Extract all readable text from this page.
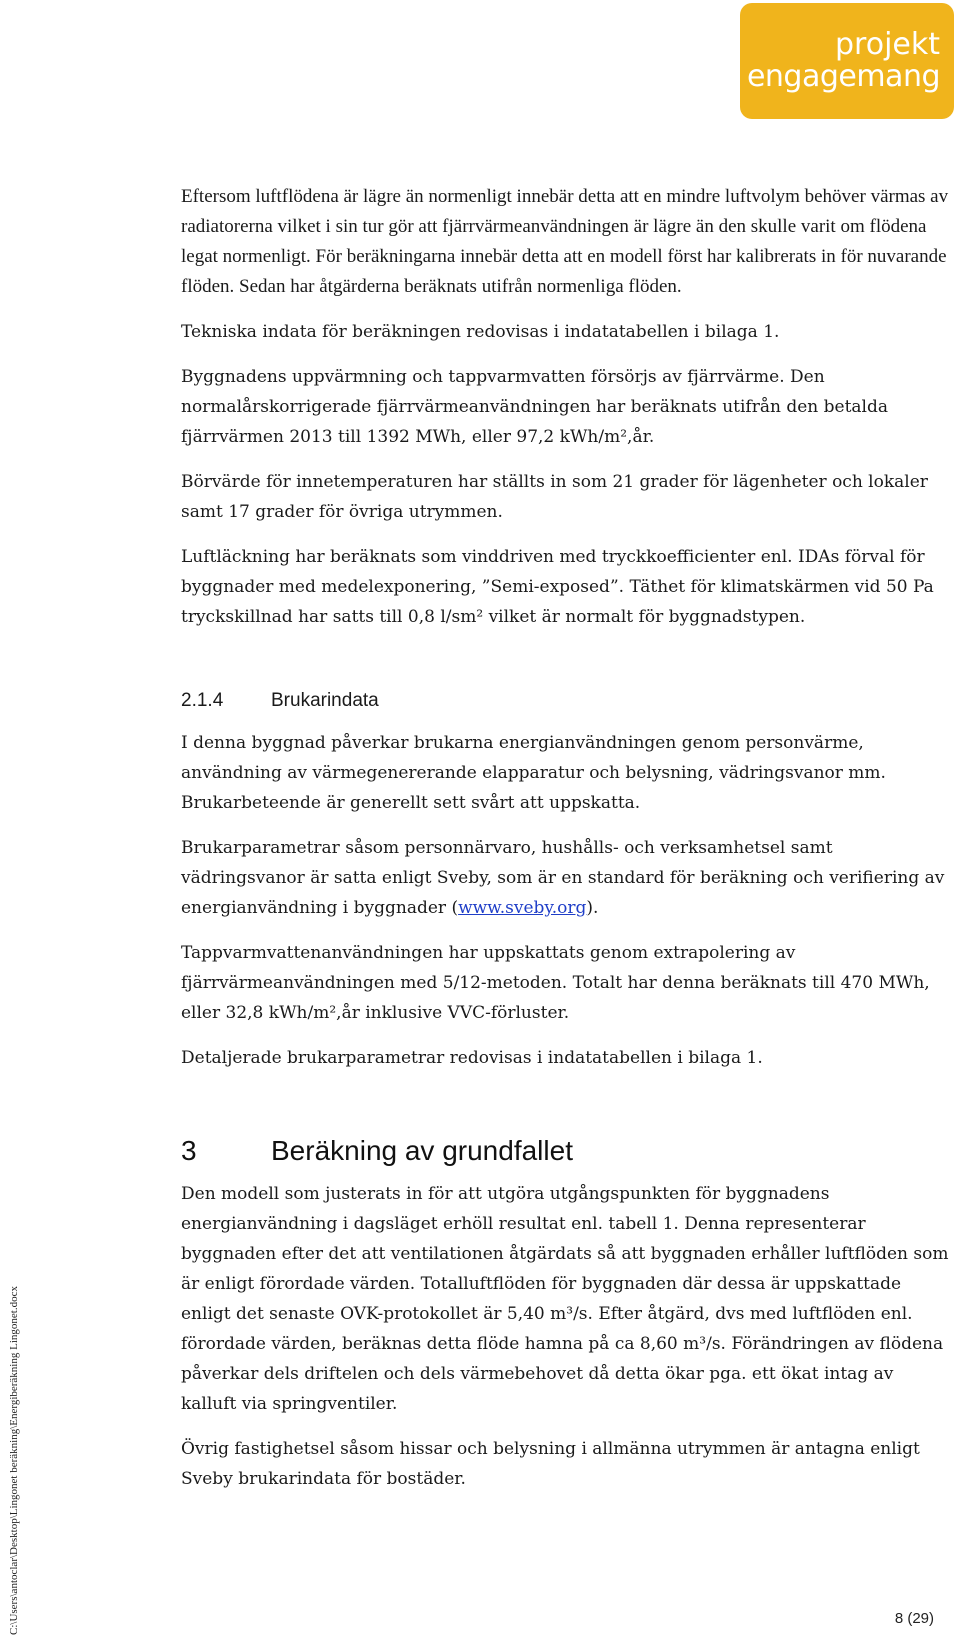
projekt
engagemang

Eftersom luftflödena är lägre än normenligt innebär detta att en mindre luftvolym behöver värmas av radiatorerna vilket i sin tur gör att fjärrvärmeanvändningen är lägre än den skulle varit om flödena legat normenligt. För beräkningarna innebär detta att en modell först har kalibrerats in för nuvarande flöden. Sedan har åtgärderna beräknats utifrån normenliga flöden.

Tekniska indata för beräkningen redovisas i indatatabellen i bilaga 1.

Byggnadens uppvärmning och tappvarmvatten försörjs av fjärrvärme. Den normalårskorrigerade fjärrvärmeanvändningen har beräknats utifrån den betalda fjärrvärmen 2013 till 1392 MWh, eller 97,2 kWh/m²,år.

Börvärde för innetemperaturen har ställts in som 21 grader för lägenheter och lokaler samt 17 grader för övriga utrymmen.

Luftläckning har beräknats som vinddriven med tryckkoefficienter enl. IDAs förval för byggnader med medelexponering, ”Semi-exposed”. Täthet för klimatskärmen vid 50 Pa tryckskillnad har satts till 0,8 l/sm² vilket är normalt för byggnadstypen.

2.1.4	Brukarindata

I denna byggnad påverkar brukarna energianvändningen genom personvärme, användning av värmegenererande elapparatur och belysning, vädringsvanor mm. Brukarbeteende är generellt sett svårt att uppskatta.

Brukarparametrar såsom personnärvaro, hushålls- och verksamhetsel samt vädringsvanor är satta enligt Sveby, som är en standard för beräkning och verifiering av energianvändning i byggnader (www.sveby.org).

Tappvarmvattenanvändningen har uppskattats genom extrapolering av fjärrvärmeanvändningen med 5/12-metoden. Totalt har denna beräknats till 470 MWh, eller 32,8 kWh/m²,år inklusive VVC-förluster.

Detaljerade brukarparametrar redovisas i indatatabellen i bilaga 1.

3	Beräkning av grundfallet

Den modell som justerats in för att utgöra utgångspunkten för byggnadens energianvändning i dagsläget erhöll resultat enl. tabell 1. Denna representerar byggnaden efter det att ventilationen åtgärdats så att byggnaden erhåller luftflöden som är enligt förordade värden. Totalluftflöden för byggnaden där dessa är uppskattade enligt det senaste OVK-protokollet är 5,40 m³/s. Efter åtgärd, dvs med luftflöden enl. förordade värden, beräknas detta flöde hamna på ca 8,60 m³/s. Förändringen av flödena påverkar dels driftelen och dels värmebehovet då detta ökar pga. ett ökat intag av kalluft via springventiler.

Övrig fastighetsel såsom hissar och belysning i allmänna utrymmen är antagna enligt Sveby brukarindata för bostäder.

C:\Users\antoclar\Desktop\Lingonet beräkning\Energiberäkning Lingonet.docx	8 (29)
